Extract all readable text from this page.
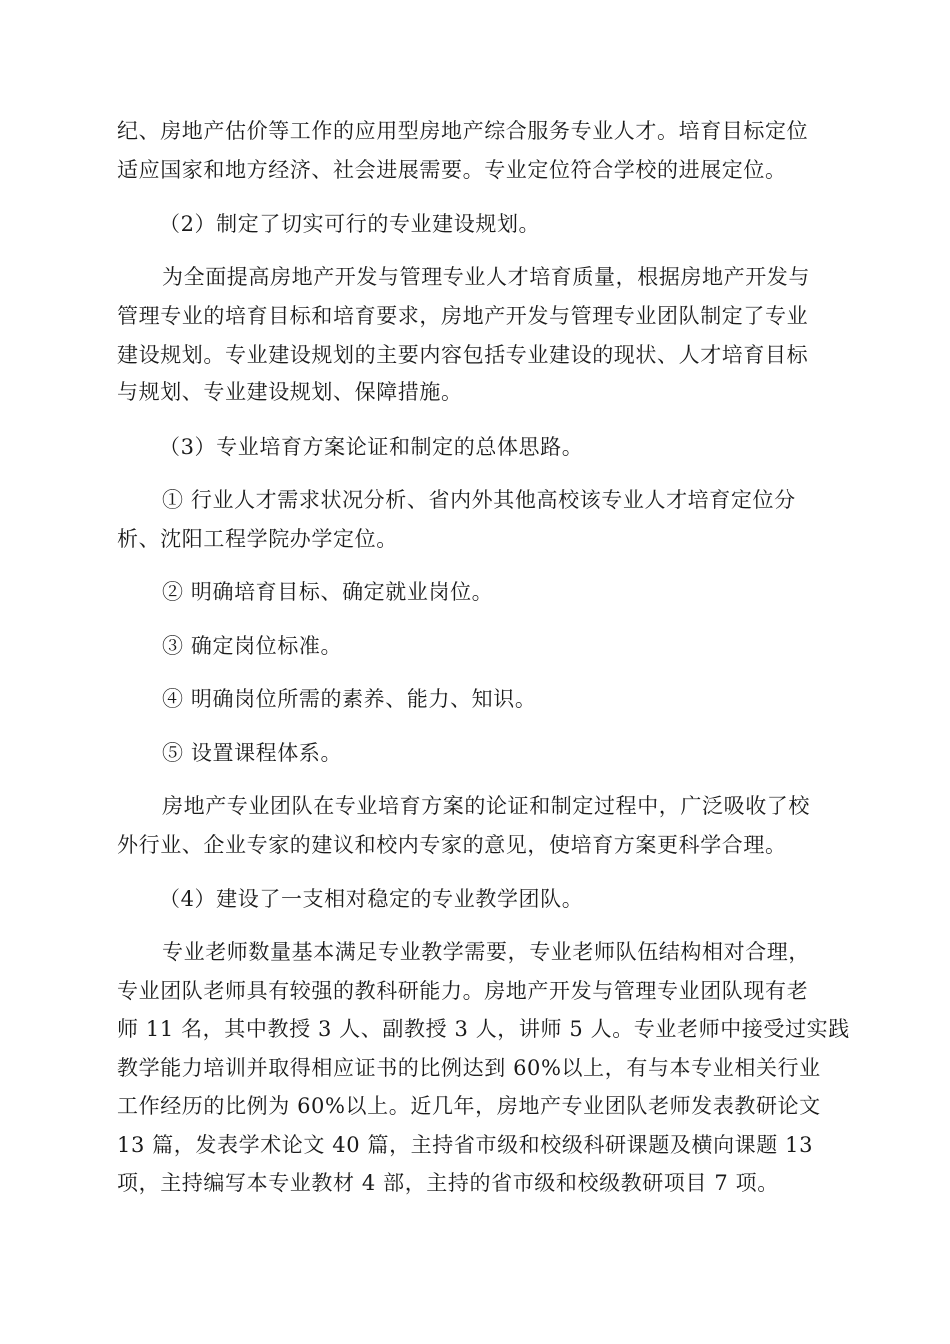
纪、房地产估价等工作的应用型房地产综合服务专业人才。培育目标定位
适应国家和地方经济、社会进展需要。专业定位符合学校的进展定位。
（2）制定了切实可行的专业建设规划。
为全面提高房地产开发与管理专业人才培育质量，根据房地产开发与
管理专业的培育目标和培育要求，房地产开发与管理专业团队制定了专业
建设规划。专业建设规划的主要内容包括专业建设的现状、人才培育目标
与规划、专业建设规划、保障措施。
（3）专业培育方案论证和制定的总体思路。
① 行业人才需求状况分析、省内外其他高校该专业人才培育定位分
析、沈阳工程学院办学定位。
② 明确培育目标、确定就业岗位。
③ 确定岗位标准。
④ 明确岗位所需的素养、能力、知识。
⑤ 设置课程体系。
房地产专业团队在专业培育方案的论证和制定过程中，广泛吸收了校
外行业、企业专家的建议和校内专家的意见，使培育方案更科学合理。
（4）建设了一支相对稳定的专业教学团队。
专业老师数量基本满足专业教学需要，专业老师队伍结构相对合理，
专业团队老师具有较强的教科研能力。房地产开发与管理专业团队现有老
师 11 名，其中教授 3 人、副教授 3 人，讲师 5 人。专业老师中接受过实践
教学能力培训并取得相应证书的比例达到 60%以上，有与本专业相关行业
工作经历的比例为 60%以上。近几年，房地产专业团队老师发表教研论文
13 篇，发表学术论文 40 篇，主持省市级和校级科研课题及横向课题 13
项，主持编写本专业教材 4 部，主持的省市级和校级教研项目 7 项。
